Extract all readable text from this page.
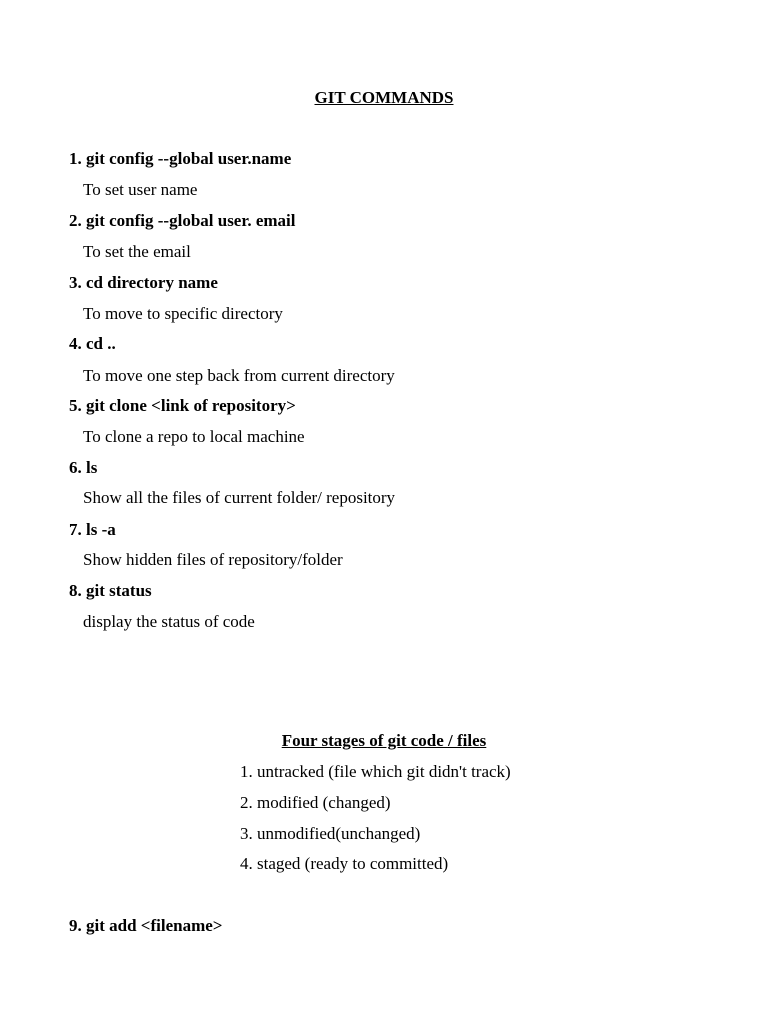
GIT COMMANDS
1. git config --global user.name
To set user name
2. git config --global user. email
To set the email
3. cd directory name
To move to specific directory
4. cd ..
To move one step back from current directory
5. git clone <link of repository>
To clone a repo to local machine
6. ls
Show all the files of current folder/ repository
7. ls -a
Show hidden files of repository/folder
8. git status
display the status of code
Four stages of git code / files
1. untracked (file which git didn't track)
2. modified (changed)
3. unmodified(unchanged)
4. staged (ready to committed)
9. git add <filename>
